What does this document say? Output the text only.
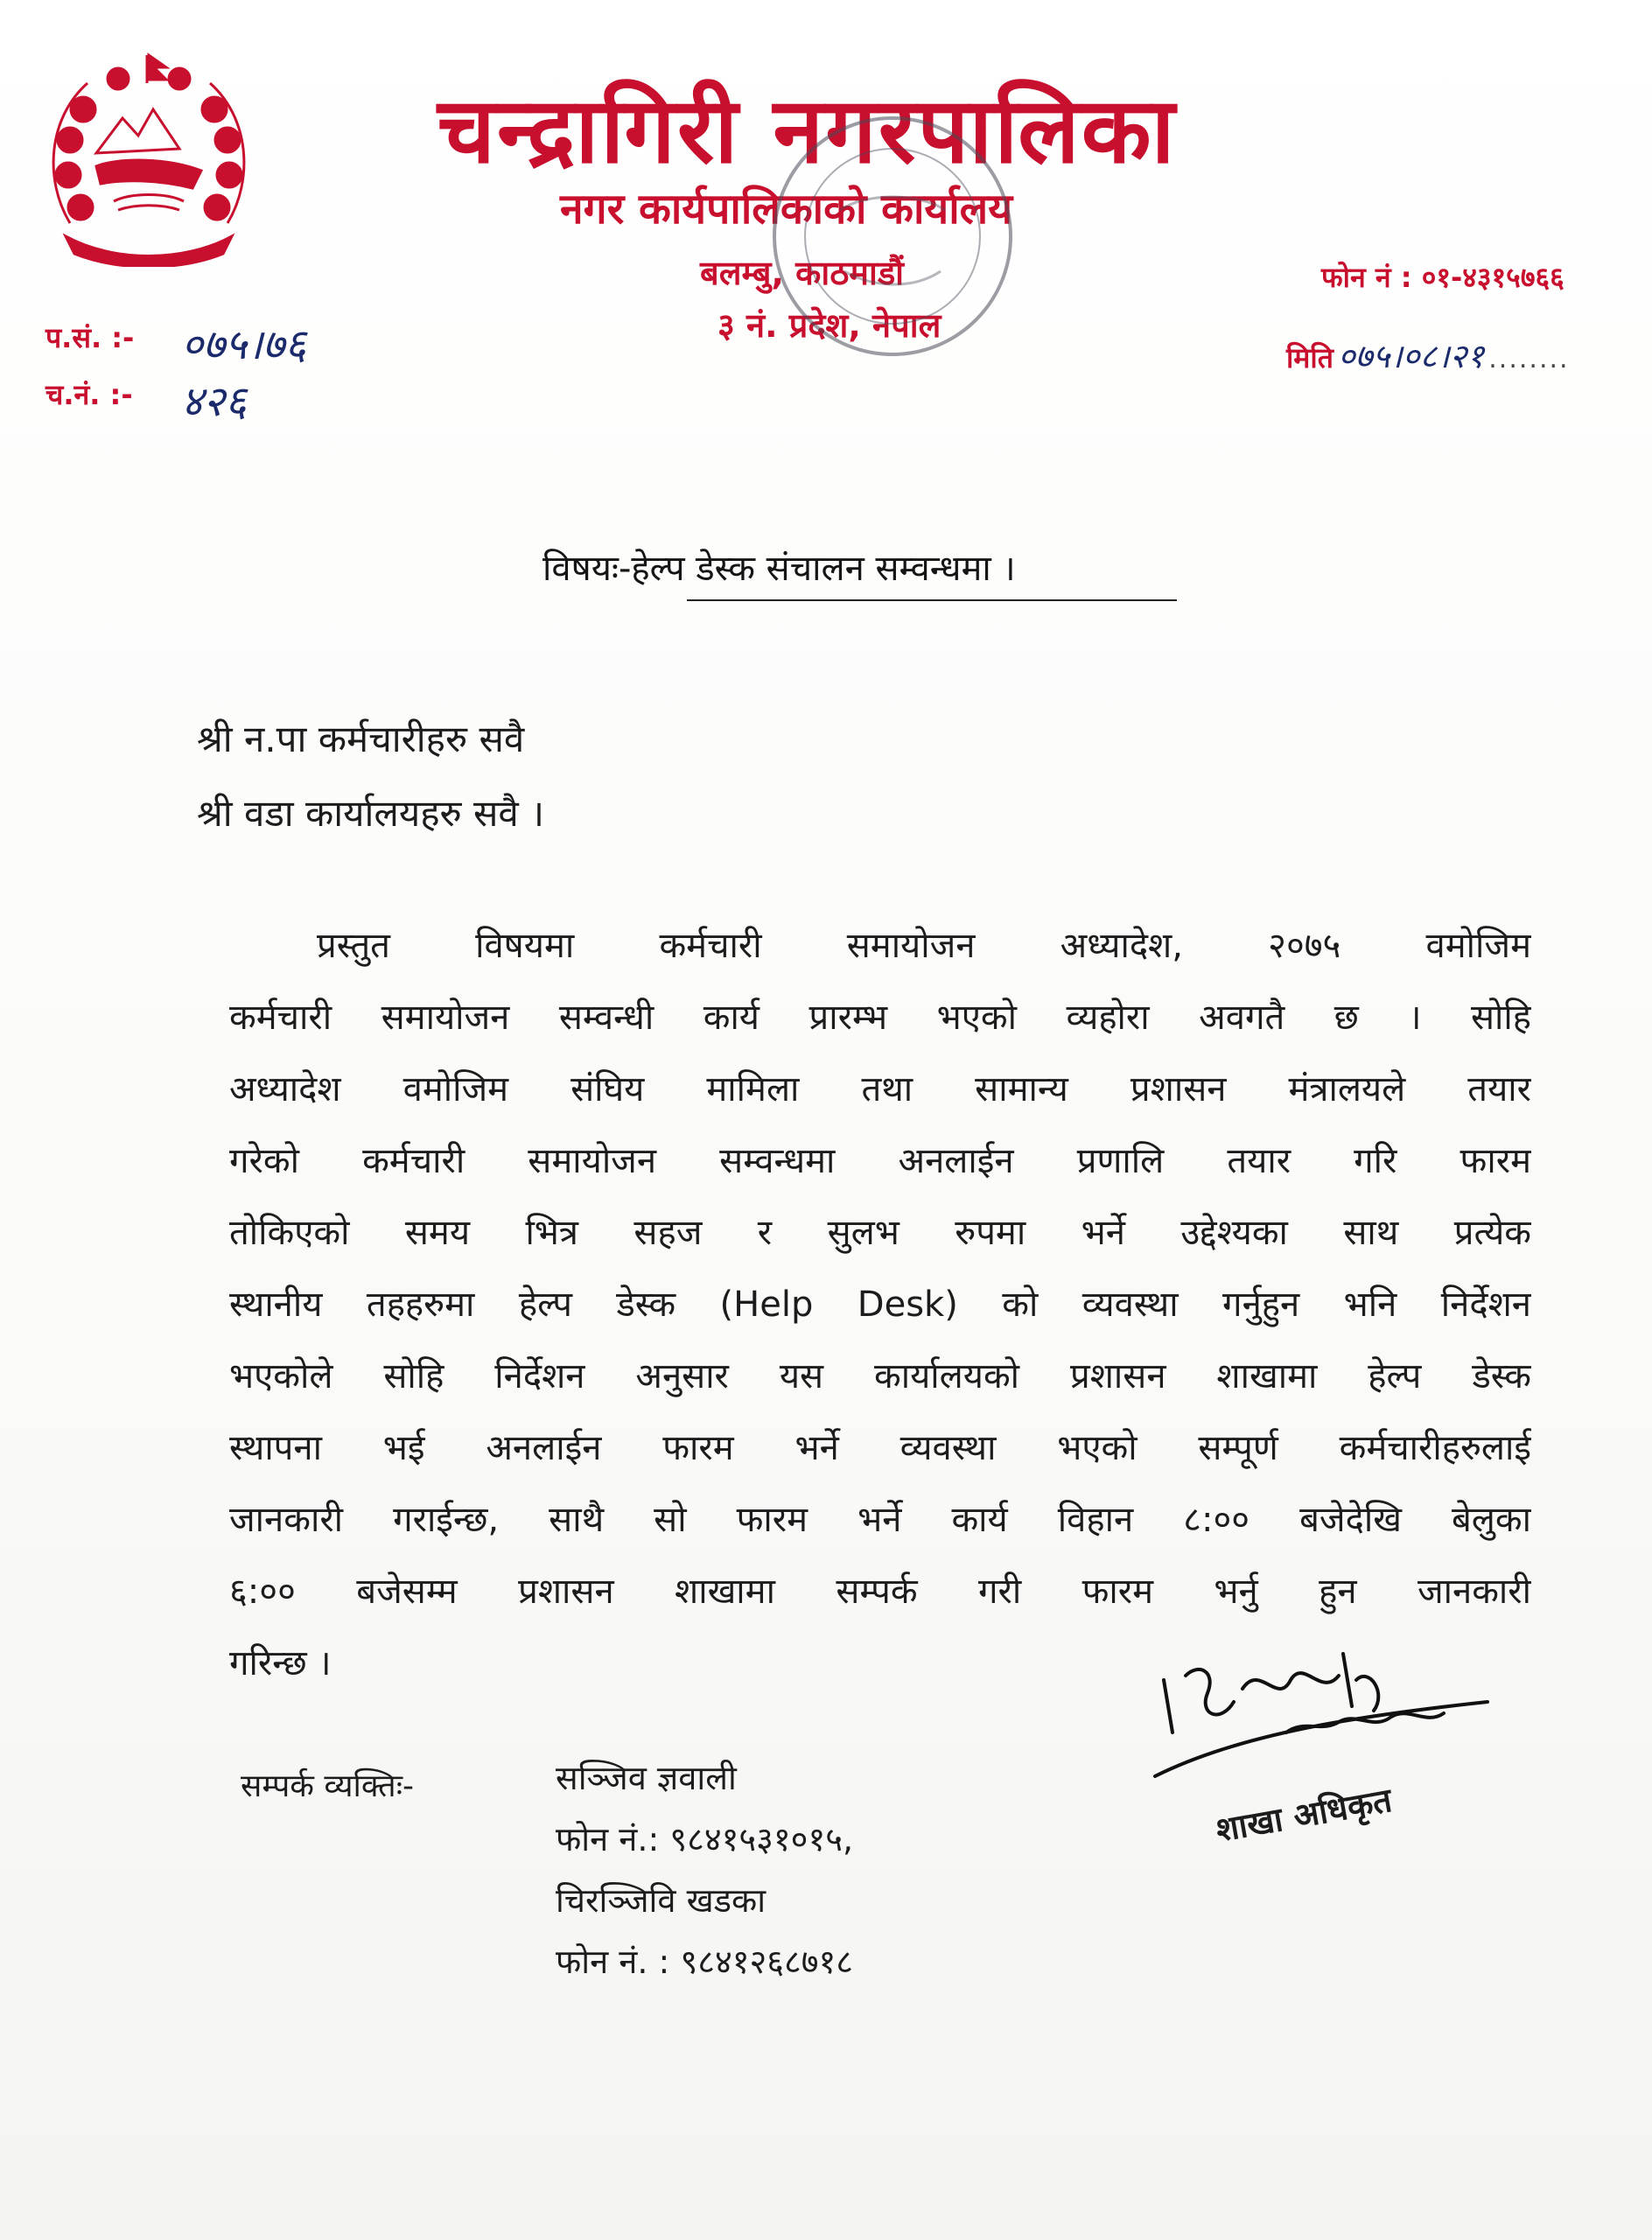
चन्द्रागिरी नगरपालिका
नगर कार्यपालिकाको कार्यालय
बलम्बु, काठमाडौं
३ नं. प्रदेश, नेपाल
फोन नं : ०१-४३१५७६६
प.सं. :- ०७५।७६
च.नं. :- ४२६
मिति ०७५।०८।२१ ........
विषयः-हेल्प डेस्क संचालन सम्वन्धमा ।
श्री न.पा कर्मचारीहरु सवै
श्री वडा कार्यालयहरु सवै ।
प्रस्तुत विषयमा कर्मचारी समायोजन अध्यादेश, २०७५ वमोजिम
कर्मचारी समायोजन सम्वन्धी कार्य प्रारम्भ भएको व्यहोरा अवगतै छ । सोहि
अध्यादेश वमोजिम संघिय मामिला तथा सामान्य प्रशासन मंत्रालयले तयार
गरेको कर्मचारी समायोजन सम्वन्धमा अनलाईन प्रणालि तयार गरि फारम
तोकिएको समय भित्र सहज र सुलभ रुपमा भर्ने उद्देश्यका साथ प्रत्येक
स्थानीय तहहरुमा हेल्प डेस्क (Help Desk) को व्यवस्था गर्नुहुन भनि निर्देशन
भएकोले सोहि निर्देशन अनुसार यस कार्यालयको प्रशासन शाखामा हेल्प डेस्क
स्थापना भई अनलाईन फारम भर्ने व्यवस्था भएको सम्पूर्ण कर्मचारीहरुलाई
जानकारी गराईन्छ, साथै सो फारम भर्ने कार्य विहान ८:०० बजेदेखि बेलुका
६:०० बजेसम्म प्रशासन शाखामा सम्पर्क गरी फारम भर्नु हुन जानकारी
गरिन्छ ।
शाखा अधिकृत
सम्पर्क व्यक्तिः-	सञ्जिव ज्ञवाली
फोन नं.: ९८४१५३१०१५,
चिरञ्जिवि खडका
फोन नं. : ९८४१२६८७१८
